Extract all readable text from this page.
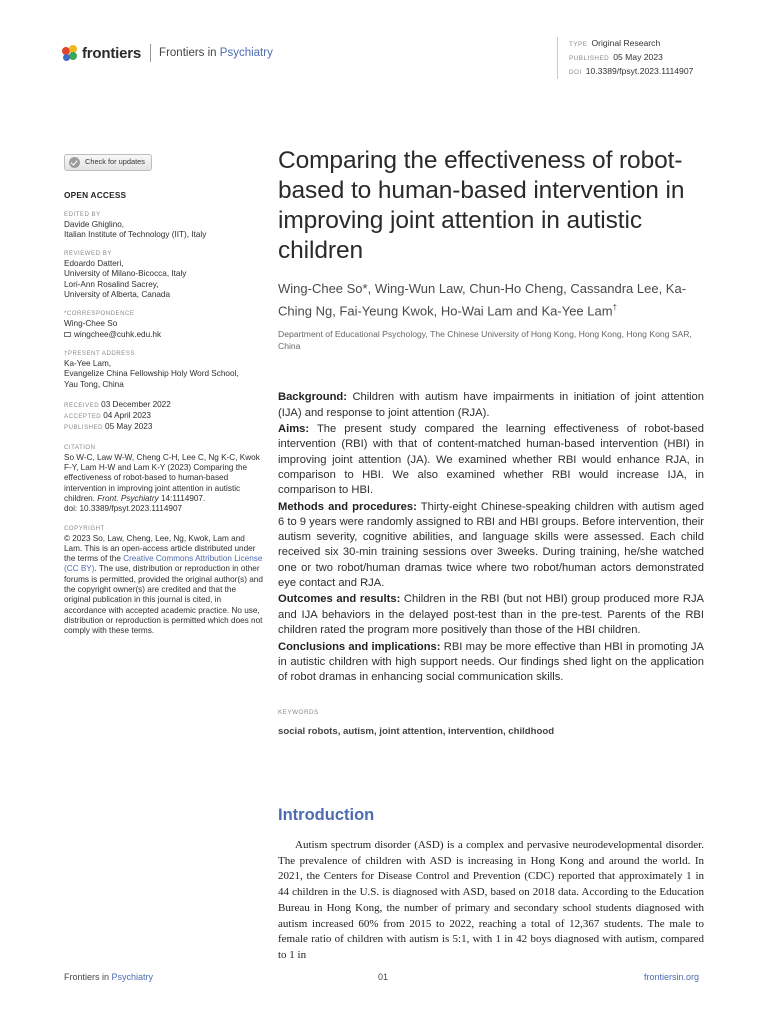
frontiers Frontiers in Psychiatry
TYPE Original Research
PUBLISHED 05 May 2023
DOI 10.3389/fpsyt.2023.1114907
Check for updates
OPEN ACCESS
EDITED BY
Davide Ghiglino,
Italian Institute of Technology (IIT), Italy
REVIEWED BY
Edoardo Datteri,
University of Milano-Bicocca, Italy
Lori-Ann Rosalind Sacrey,
University of Alberta, Canada
*CORRESPONDENCE
Wing-Chee So
wingchee@cuhk.edu.hk
†PRESENT ADDRESS
Ka-Yee Lam,
Evangelize China Fellowship Holy Word School,
Yau Tong, China
RECEIVED 03 December 2022
ACCEPTED 04 April 2023
PUBLISHED 05 May 2023
CITATION
So W-C, Law W-W, Cheng C-H, Lee C, Ng K-C, Kwok F-Y, Lam H-W and Lam K-Y (2023) Comparing the effectiveness of robot-based to human-based intervention in improving joint attention in autistic children. Front. Psychiatry 14:1114907.
doi: 10.3389/fpsyt.2023.1114907
COPYRIGHT
© 2023 So, Law, Cheng, Lee, Ng, Kwok, Lam and Lam. This is an open-access article distributed under the terms of the Creative Commons Attribution License (CC BY). The use, distribution or reproduction in other forums is permitted, provided the original author(s) and the copyright owner(s) are credited and that the original publication in this journal is cited, in accordance with accepted academic practice. No use, distribution or reproduction is permitted which does not comply with these terms.
Comparing the effectiveness of robot-based to human-based intervention in improving joint attention in autistic children
Wing-Chee So*, Wing-Wun Law, Chun-Ho Cheng, Cassandra Lee, Ka-Ching Ng, Fai-Yeung Kwok, Ho-Wai Lam and Ka-Yee Lam†
Department of Educational Psychology, The Chinese University of Hong Kong, Hong Kong, Hong Kong SAR, China

Background: Children with autism have impairments in initiation of joint attention (IJA) and response to joint attention (RJA).

Aims: The present study compared the learning effectiveness of robot-based intervention (RBI) with that of content-matched human-based intervention (HBI) in improving joint attention (JA). We examined whether RBI would enhance RJA, in comparison to HBI. We also examined whether RBI would increase IJA, in comparison to HBI.

Methods and procedures: Thirty-eight Chinese-speaking children with autism aged 6 to 9 years were randomly assigned to RBI and HBI groups. Before intervention, their autism severity, cognitive abilities, and language skills were assessed. Each child received six 30-min training sessions over 3weeks. During training, he/she watched one or two robot/human dramas twice where two robot/human actors demonstrated eye contact and RJA.

Outcomes and results: Children in the RBI (but not HBI) group produced more RJA and IJA behaviors in the delayed post-test than in the pre-test. Parents of the RBI children rated the program more positively than those of the HBI children.

Conclusions and implications: RBI may be more effective than HBI in promoting JA in autistic children with high support needs. Our findings shed light on the application of robot dramas in enhancing social communication skills.

KEYWORDS
social robots, autism, joint attention, intervention, childhood
Introduction

Autism spectrum disorder (ASD) is a complex and pervasive neurodevelopmental disorder. The prevalence of children with ASD is increasing in Hong Kong and around the world. In 2021, the Centers for Disease Control and Prevention (CDC) reported that approximately 1 in 44 children in the U.S. is diagnosed with ASD, based on 2018 data. According to the Education Bureau in Hong Kong, the number of primary and secondary school students diagnosed with autism increased 60% from 2015 to 2022, reaching a total of 12,367 students. The male to female ratio of children with autism is 5:1, with 1 in 42 boys diagnosed with autism, compared to 1 in

Frontiers in Psychiatry	01	frontiersin.org
